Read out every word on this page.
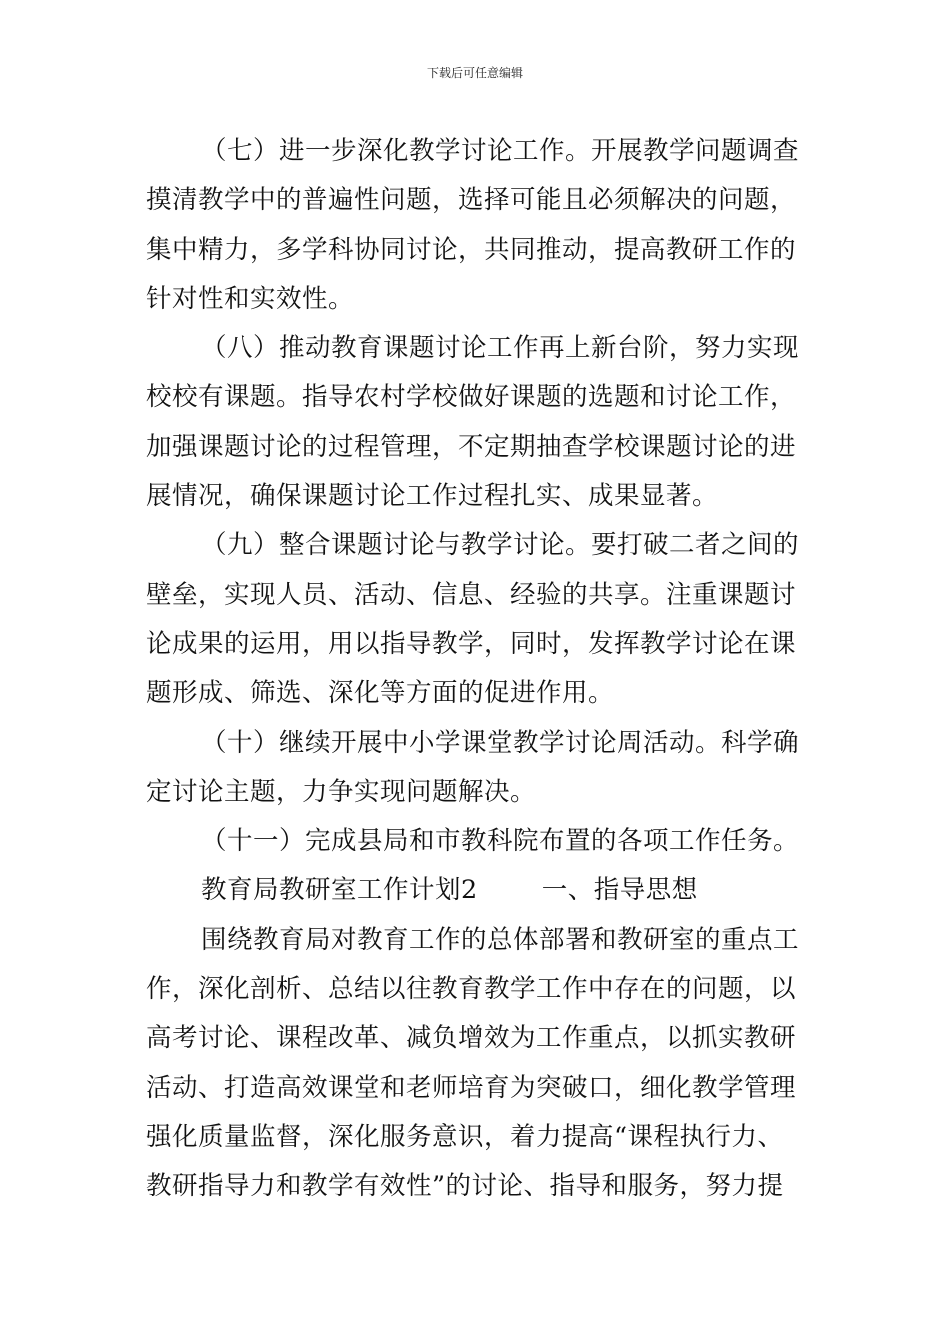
下载后可任意编辑
（七）进一步深化教学讨论工作。开展教学问题调查
摸清教学中的普遍性问题，选择可能且必须解决的问题，
集中精力，多学科协同讨论，共同推动，提高教研工作的
针对性和实效性。
（八）推动教育课题讨论工作再上新台阶，努力实现
校校有课题。指导农村学校做好课题的选题和讨论工作，
加强课题讨论的过程管理，不定期抽查学校课题讨论的进
展情况，确保课题讨论工作过程扎实、成果显著。
（九）整合课题讨论与教学讨论。要打破二者之间的
壁垒，实现人员、活动、信息、经验的共享。注重课题讨
论成果的运用，用以指导教学，同时，发挥教学讨论在课
题形成、筛选、深化等方面的促进作用。
（十）继续开展中小学课堂教学讨论周活动。科学确
定讨论主题，力争实现问题解决。
（十一）完成县局和市教科院布置的各项工作任务。
教育局教研室工作计划2	一、指导思想
围绕教育局对教育工作的总体部署和教研室的重点工
作，深化剖析、总结以往教育教学工作中存在的问题，以
高考讨论、课程改革、减负增效为工作重点，以抓实教研
活动、打造高效课堂和老师培育为突破口，细化教学管理
强化质量监督，深化服务意识，着力提高“课程执行力、
教研指导力和教学有效性”的讨论、指导和服务，努力提
